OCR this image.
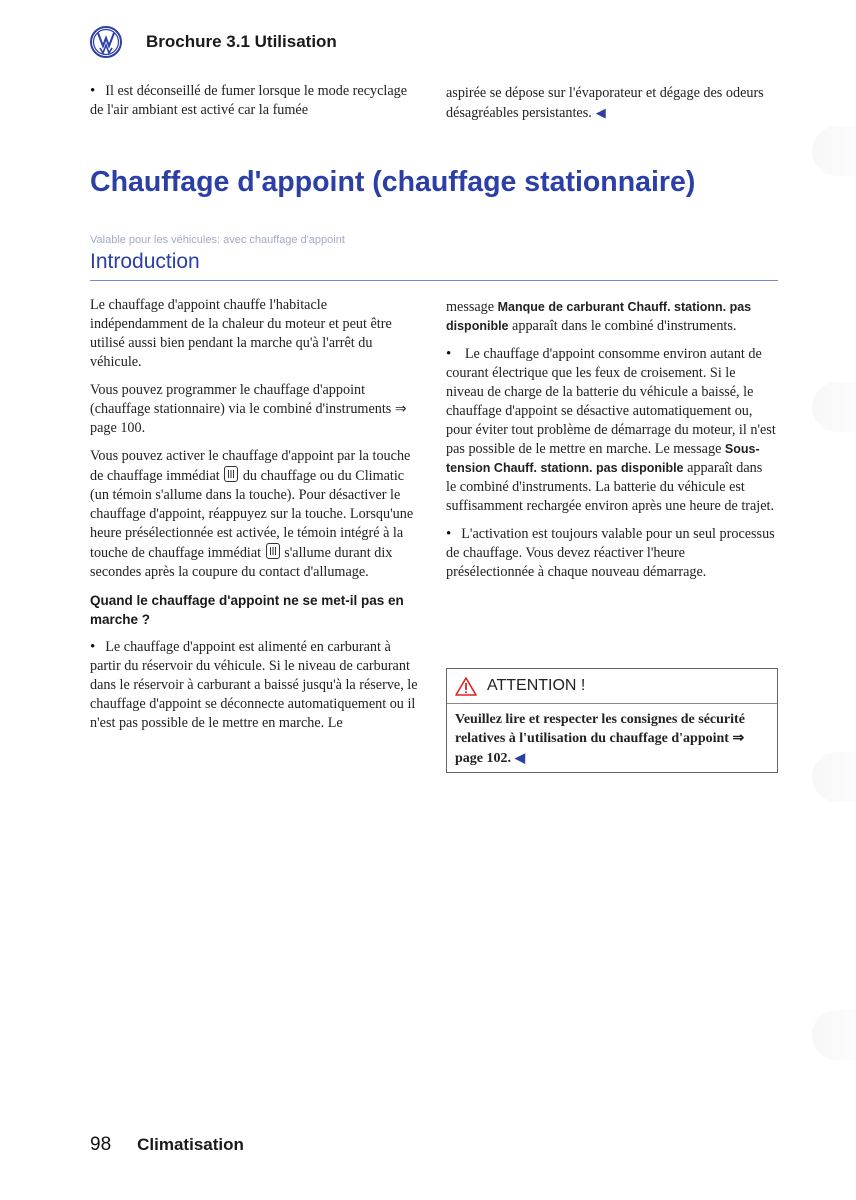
Brochure 3.1 Utilisation

• Il est déconseillé de fumer lorsque le mode recyclage de l'air ambiant est activé car la fumée

aspirée se dépose sur l'évaporateur et dégage des odeurs désagréables persistantes. ◀

Chauffage d'appoint (chauffage stationnaire)
Valable pour les véhicules: avec chauffage d'appoint
Introduction

Le chauffage d'appoint chauffe l'habitacle indépendamment de la chaleur du moteur et peut être utilisé aussi bien pendant la marche qu'à l'arrêt du véhicule.

Vous pouvez programmer le chauffage d'appoint (chauffage stationnaire) via le combiné d'instruments ⇒ page 100.

Vous pouvez activer le chauffage d'appoint par la touche de chauffage immédiat du chauffage ou du Climatic (un témoin s'allume dans la touche). Pour désactiver le chauffage d'appoint, réappuyez sur la touche. Lorsqu'une heure présélectionnée est activée, le témoin intégré à la touche de chauffage immédiat s'allume durant dix secondes après la coupure du contact d'allumage.

Quand le chauffage d'appoint ne se met-il pas en marche ?

• Le chauffage d'appoint est alimenté en carburant à partir du réservoir du véhicule. Si le niveau de carburant dans le réservoir à carburant a baissé jusqu'à la réserve, le chauffage d'appoint se déconnecte automatiquement ou il n'est pas possible de le mettre en marche. Le

message Manque de carburant Chauff. stationn. pas disponible apparaît dans le combiné d'instruments.

• Le chauffage d'appoint consomme environ autant de courant électrique que les feux de croisement. Si le niveau de charge de la batterie du véhicule a baissé, le chauffage d'appoint se désactive automatiquement ou, pour éviter tout problème de démarrage du moteur, il n'est pas possible de le mettre en marche. Le message Sous-tension Chauff. stationn. pas disponible apparaît dans le combiné d'instruments. La batterie du véhicule est suffisamment rechargée environ après une heure de trajet.

• L'activation est toujours valable pour un seul processus de chauffage. Vous devez réactiver l'heure présélectionnée à chaque nouveau démarrage.

ATTENTION !
Veuillez lire et respecter les consignes de sécurité relatives à l'utilisation du chauffage d'appoint ⇒ page 102. ◀
98 Climatisation
